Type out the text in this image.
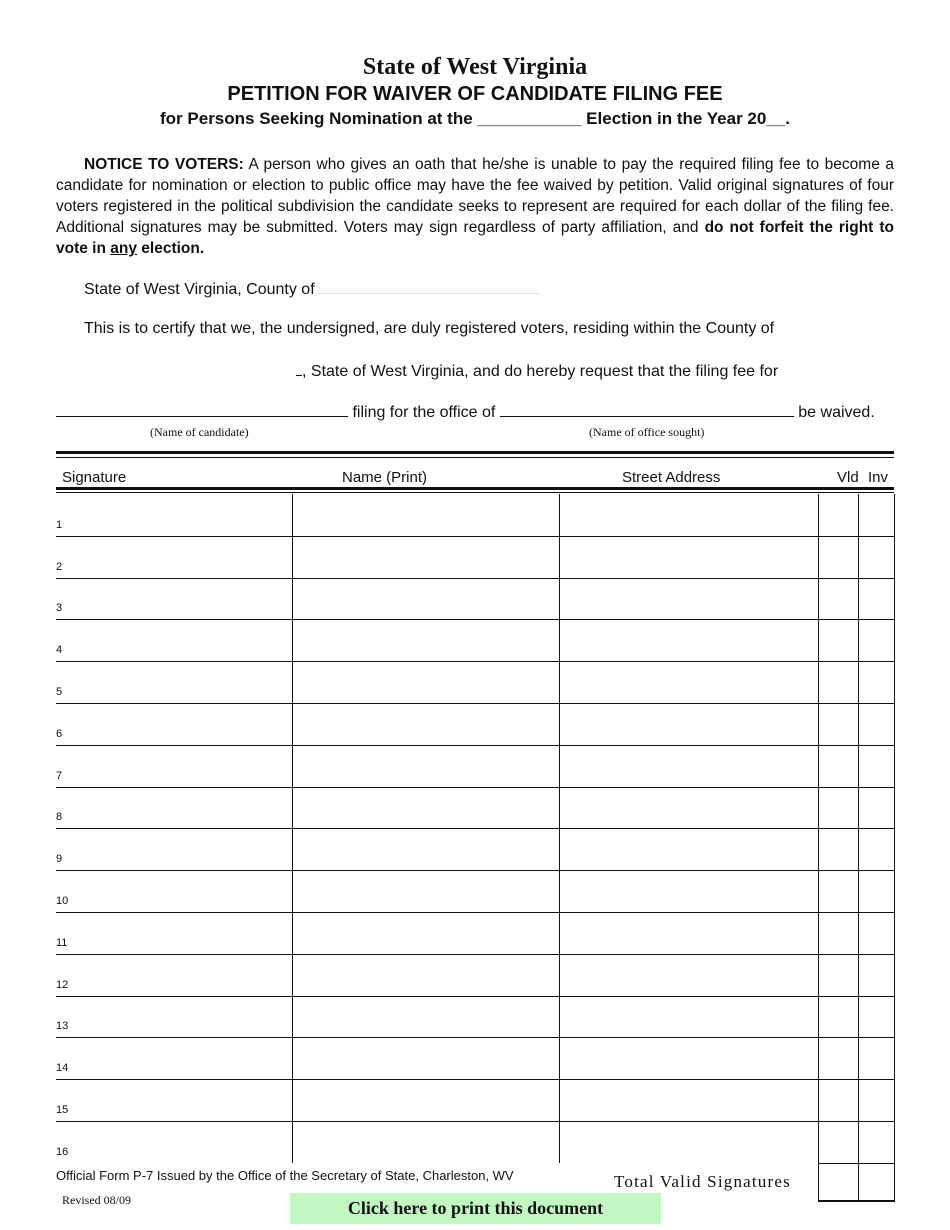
State of West Virginia
PETITION FOR WAIVER OF CANDIDATE FILING FEE
for Persons Seeking Nomination at the ___________ Election in the Year 20__.
NOTICE TO VOTERS: A person who gives an oath that he/she is unable to pay the required filing fee to become a candidate for nomination or election to public office may have the fee waived by petition. Valid original signatures of four voters registered in the political subdivision the candidate seeks to represent are required for each dollar of the filing fee. Additional signatures may be submitted. Voters may sign regardless of party affiliation, and do not forfeit the right to vote in any election.
State of West Virginia, County of
This is to certify that we, the undersigned, are duly registered voters, residing within the County of
, State of West Virginia, and do hereby request that the filing fee for
filing for the office of	be waived.
(Name of candidate)	(Name of office sought)
Signature	Name (Print)	Street Address	Vld Inv
1
2
3
4
5
6
7
8
9
10
11
12
13
14
15
16
Official Form P-7 Issued by the Office of the Secretary of State, Charleston, WV
Revised 08/09
Total Valid Signatures
Click here to print this document
